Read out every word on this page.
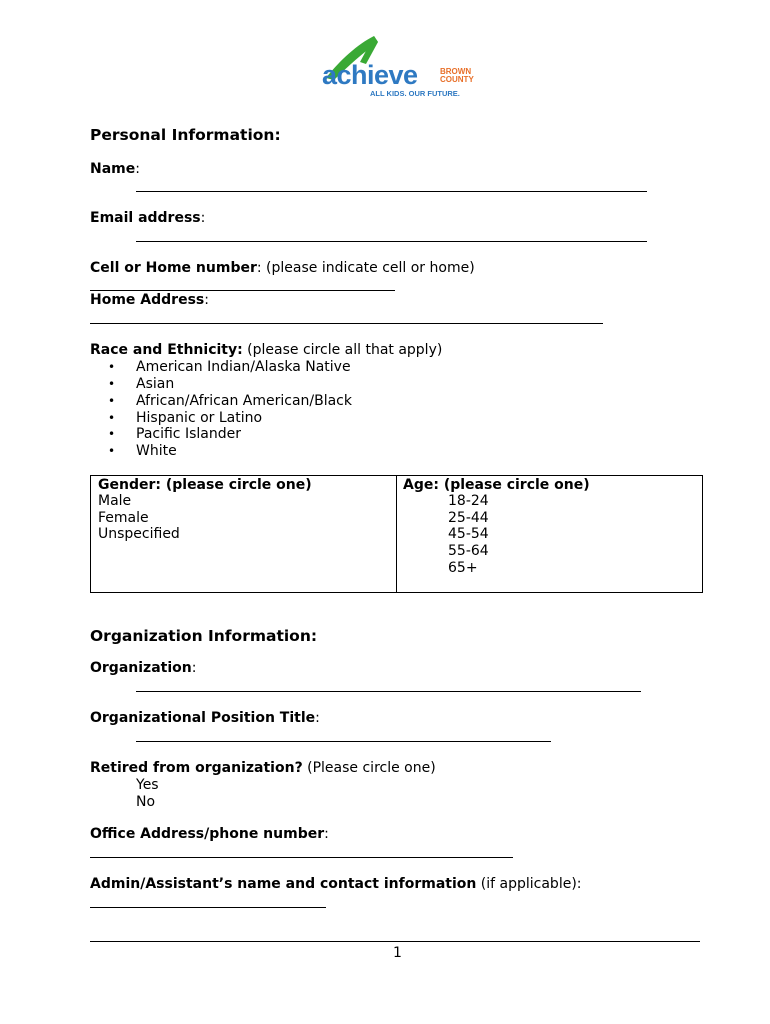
achieve	BROWN
COUNTY
ALL KIDS. OUR FUTURE.
Personal Information:
Name:
Email address:
Cell or Home number: (please indicate cell or home)
Home Address:
Race and Ethnicity: (please circle all that apply)
• American Indian/Alaska Native
• Asian
• African/African American/Black
• Hispanic or Latino
• Pacific Islander
• White
Gender: (please circle one)
Male
Female
Unspecified
Age: (please circle one)
18-24
25-44
45-54
55-64
65+
Organization Information:
Organization:
Organizational Position Title:
Retired from organization? (Please circle one)
Yes
No
Office Address/phone number:
Admin/Assistant’s name and contact information (if applicable):
1
